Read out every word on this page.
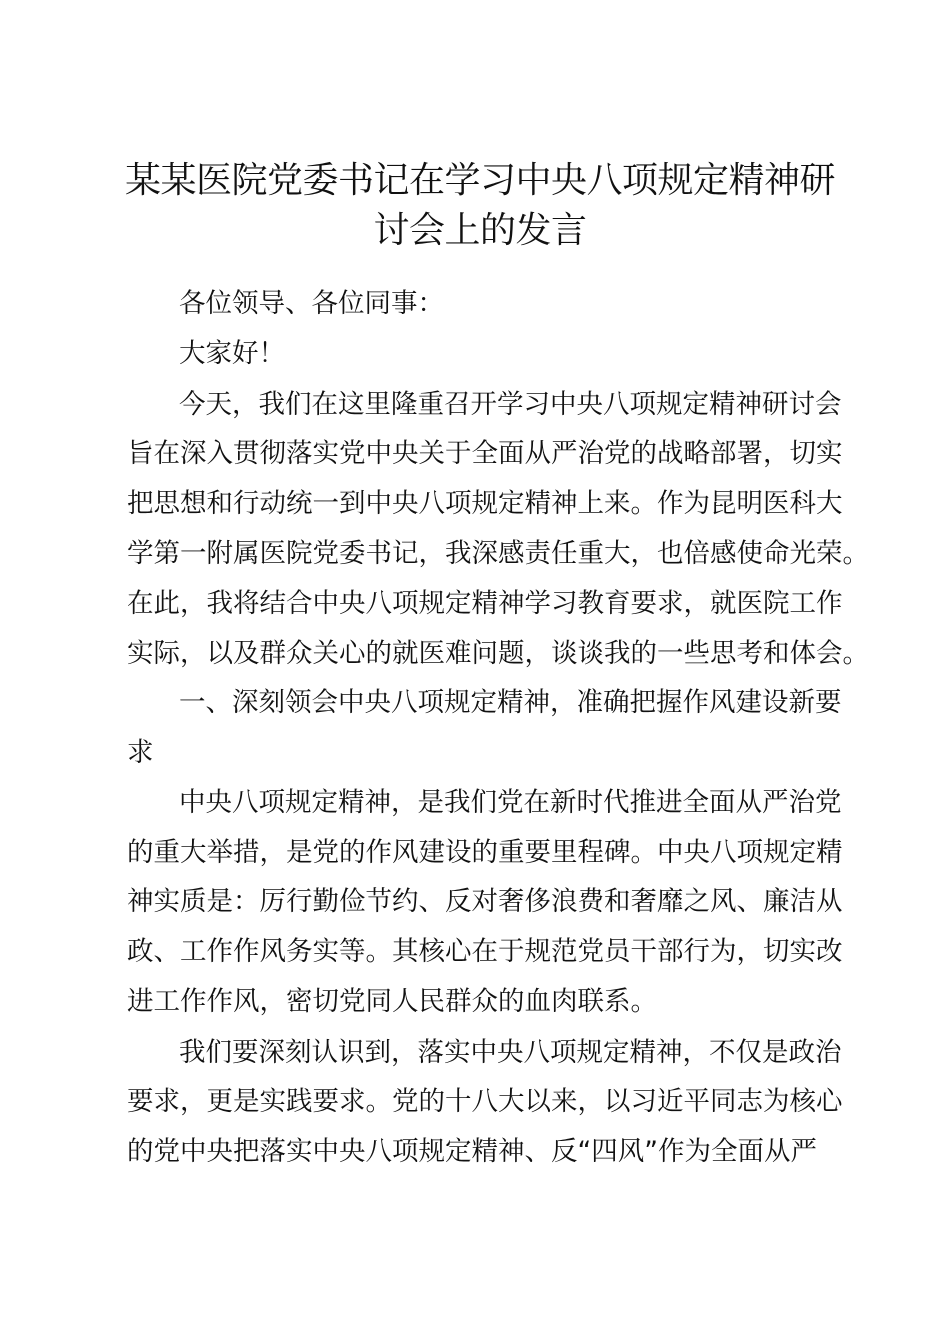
某某医院党委书记在学习中央八项规定精神研
讨会上的发言

各位领导、各位同事：

大家好！

今天，我们在这里隆重召开学习中央八项规定精神研讨会

旨在深入贯彻落实党中央关于全面从严治党的战略部署，切实

把思想和行动统一到中央八项规定精神上来。作为昆明医科大

学第一附属医院党委书记，我深感责任重大，也倍感使命光荣。

在此，我将结合中央八项规定精神学习教育要求，就医院工作

实际，以及群众关心的就医难问题，谈谈我的一些思考和体会。

一、深刻领会中央八项规定精神，准确把握作风建设新要

求

中央八项规定精神，是我们党在新时代推进全面从严治党

的重大举措，是党的作风建设的重要里程碑。中央八项规定精

神实质是：厉行勤俭节约、反对奢侈浪费和奢靡之风、廉洁从

政、工作作风务实等。其核心在于规范党员干部行为，切实改

进工作作风，密切党同人民群众的血肉联系。

我们要深刻认识到，落实中央八项规定精神，不仅是政治

要求，更是实践要求。党的十八大以来，以习近平同志为核心

的党中央把落实中央八项规定精神、反“四风”作为全面从严
